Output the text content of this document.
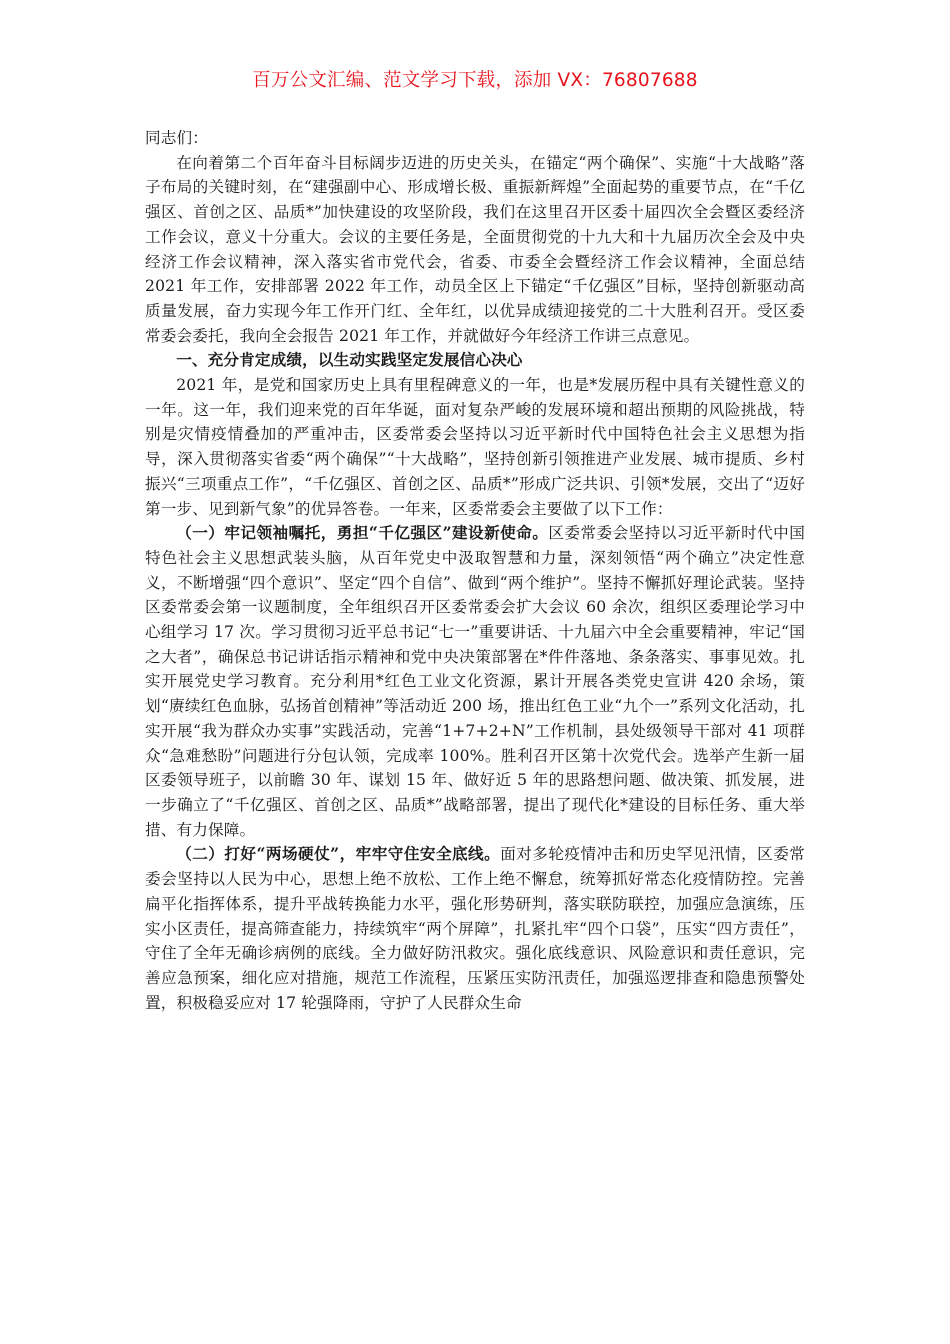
百万公文汇编、范文学习下载，添加 VX：76807688

同志们：

在向着第二个百年奋斗目标阔步迈进的历史关头，在锚定“两个确保”、实施“十大战略”落子布局的关键时刻，在“建强副中心、形成增长极、重振新辉煌”全面起势的重要节点，在“千亿强区、首创之区、品质*”加快建设的攻坚阶段，我们在这里召开区委十届四次全会暨区委经济工作会议，意义十分重大。会议的主要任务是，全面贯彻党的十九大和十九届历次全会及中央经济工作会议精神，深入落实省市党代会，省委、市委全会暨经济工作会议精神，全面总结 2021 年工作，安排部署 2022 年工作，动员全区上下锚定“千亿强区”目标，坚持创新驱动高质量发展，奋力实现今年工作开门红、全年红，以优异成绩迎接党的二十大胜利召开。受区委常委会委托，我向全会报告 2021 年工作，并就做好今年经济工作讲三点意见。

一、充分肯定成绩，以生动实践坚定发展信心决心

2021 年，是党和国家历史上具有里程碑意义的一年，也是*发展历程中具有关键性意义的一年。这一年，我们迎来党的百年华诞，面对复杂严峻的发展环境和超出预期的风险挑战，特别是灾情疫情叠加的严重冲击，区委常委会坚持以习近平新时代中国特色社会主义思想为指导，深入贯彻落实省委“两个确保”“十大战略”，坚持创新引领推进产业发展、城市提质、乡村振兴“三项重点工作”，“千亿强区、首创之区、品质*”形成广泛共识、引领*发展，交出了“迈好第一步、见到新气象”的优异答卷。一年来，区委常委会主要做了以下工作：

（一）牢记领袖嘱托，勇担“千亿强区”建设新使命。区委常委会坚持以习近平新时代中国特色社会主义思想武装头脑，从百年党史中汲取智慧和力量，深刻领悟“两个确立”决定性意义，不断增强“四个意识”、坚定“四个自信”、做到“两个维护”。坚持不懈抓好理论武装。坚持区委常委会第一议题制度，全年组织召开区委常委会扩大会议 60 余次，组织区委理论学习中心组学习 17 次。学习贯彻习近平总书记“七一”重要讲话、十九届六中全会重要精神，牢记“国之大者”，确保总书记讲话指示精神和党中央决策部署在*件件落地、条条落实、事事见效。扎实开展党史学习教育。充分利用*红色工业文化资源，累计开展各类党史宣讲 420 余场，策划“赓续红色血脉，弘扬首创精神”等活动近 200 场，推出红色工业“九个一”系列文化活动，扎实开展“我为群众办实事”实践活动，完善“1+7+2+N”工作机制，县处级领导干部对 41 项群众“急难愁盼”问题进行分包认领，完成率 100%。胜利召开区第十次党代会。选举产生新一届区委领导班子，以前瞻 30 年、谋划 15 年、做好近 5 年的思路想问题、做决策、抓发展，进一步确立了“千亿强区、首创之区、品质*”战略部署，提出了现代化*建设的目标任务、重大举措、有力保障。

（二）打好“两场硬仗”，牢牢守住安全底线。面对多轮疫情冲击和历史罕见汛情，区委常委会坚持以人民为中心，思想上绝不放松、工作上绝不懈怠，统筹抓好常态化疫情防控。完善扁平化指挥体系，提升平战转换能力水平，强化形势研判，落实联防联控，加强应急演练，压实小区责任，提高筛查能力，持续筑牢“两个屏障”，扎紧扎牢“四个口袋”，压实“四方责任”，守住了全年无确诊病例的底线。全力做好防汛救灾。强化底线意识、风险意识和责任意识，完善应急预案，细化应对措施，规范工作流程，压紧压实防汛责任，加强巡逻排查和隐患预警处置，积极稳妥应对 17 轮强降雨，守护了人民群众生命
